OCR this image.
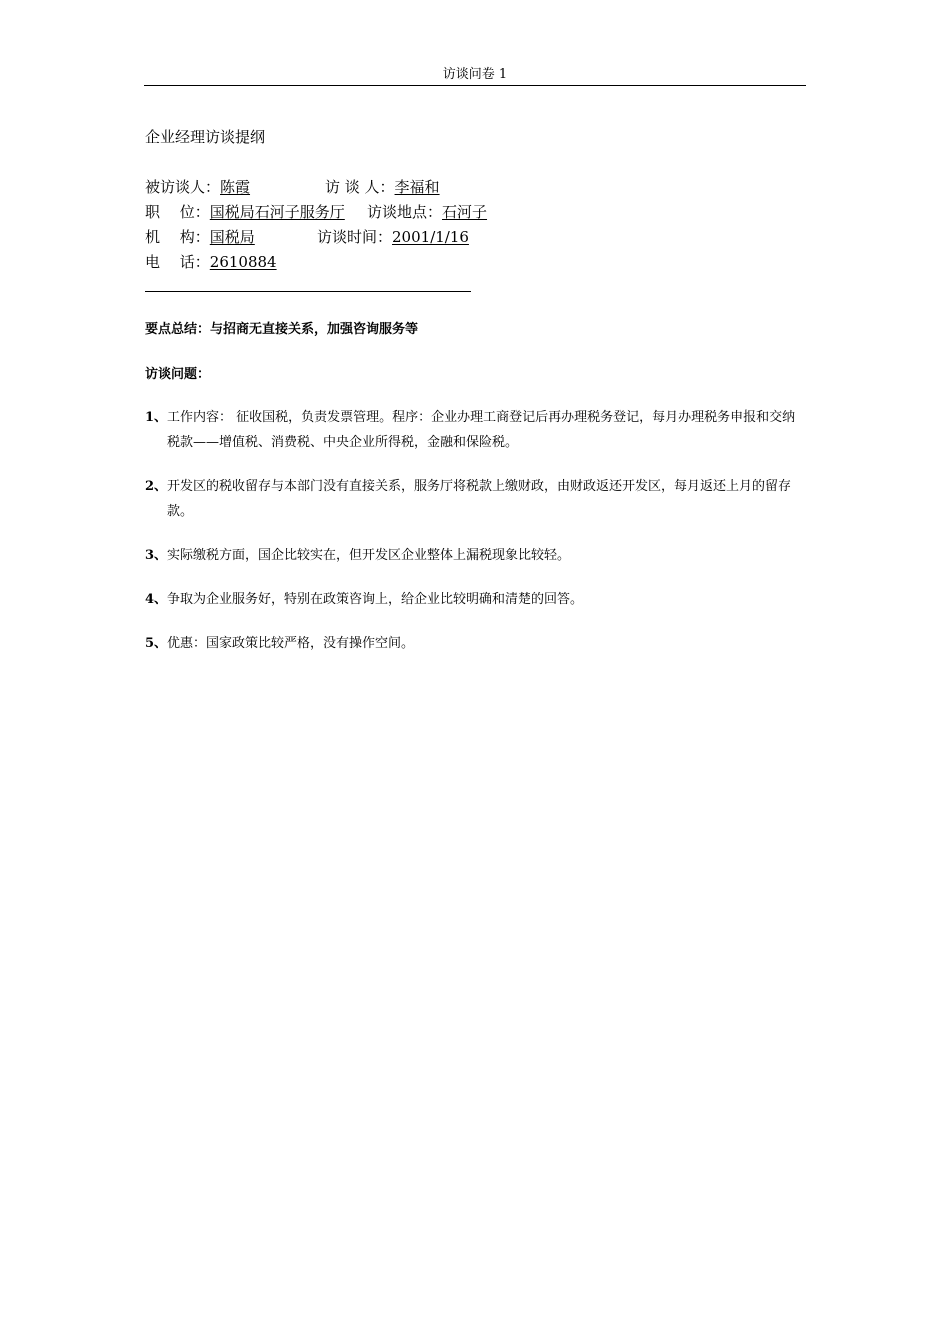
访谈问卷 1
企业经理访谈提纲
被访谈人：陈霞	访 谈 人：李福和
职　 位：国税局石河子服务厅 访谈地点：石河子
机　 构：国税局	访谈时间：2001/1/16
电　 话：2610884
要点总结：与招商无直接关系，加强咨询服务等
访谈问题：
1、 工作内容： 征收国税，负责发票管理。程序：企业办理工商登记后再办理税务登记，每月办理税务申报和交纳税款——增值税、消费税、中央企业所得税，金融和保险税。
2、 开发区的税收留存与本部门没有直接关系，服务厅将税款上缴财政，由财政返还开发区，每月返还上月的留存款。
3、 实际缴税方面，国企比较实在，但开发区企业整体上漏税现象比较轻。
4、 争取为企业服务好，特别在政策咨询上，给企业比较明确和清楚的回答。
5、 优惠：国家政策比较严格，没有操作空间。
